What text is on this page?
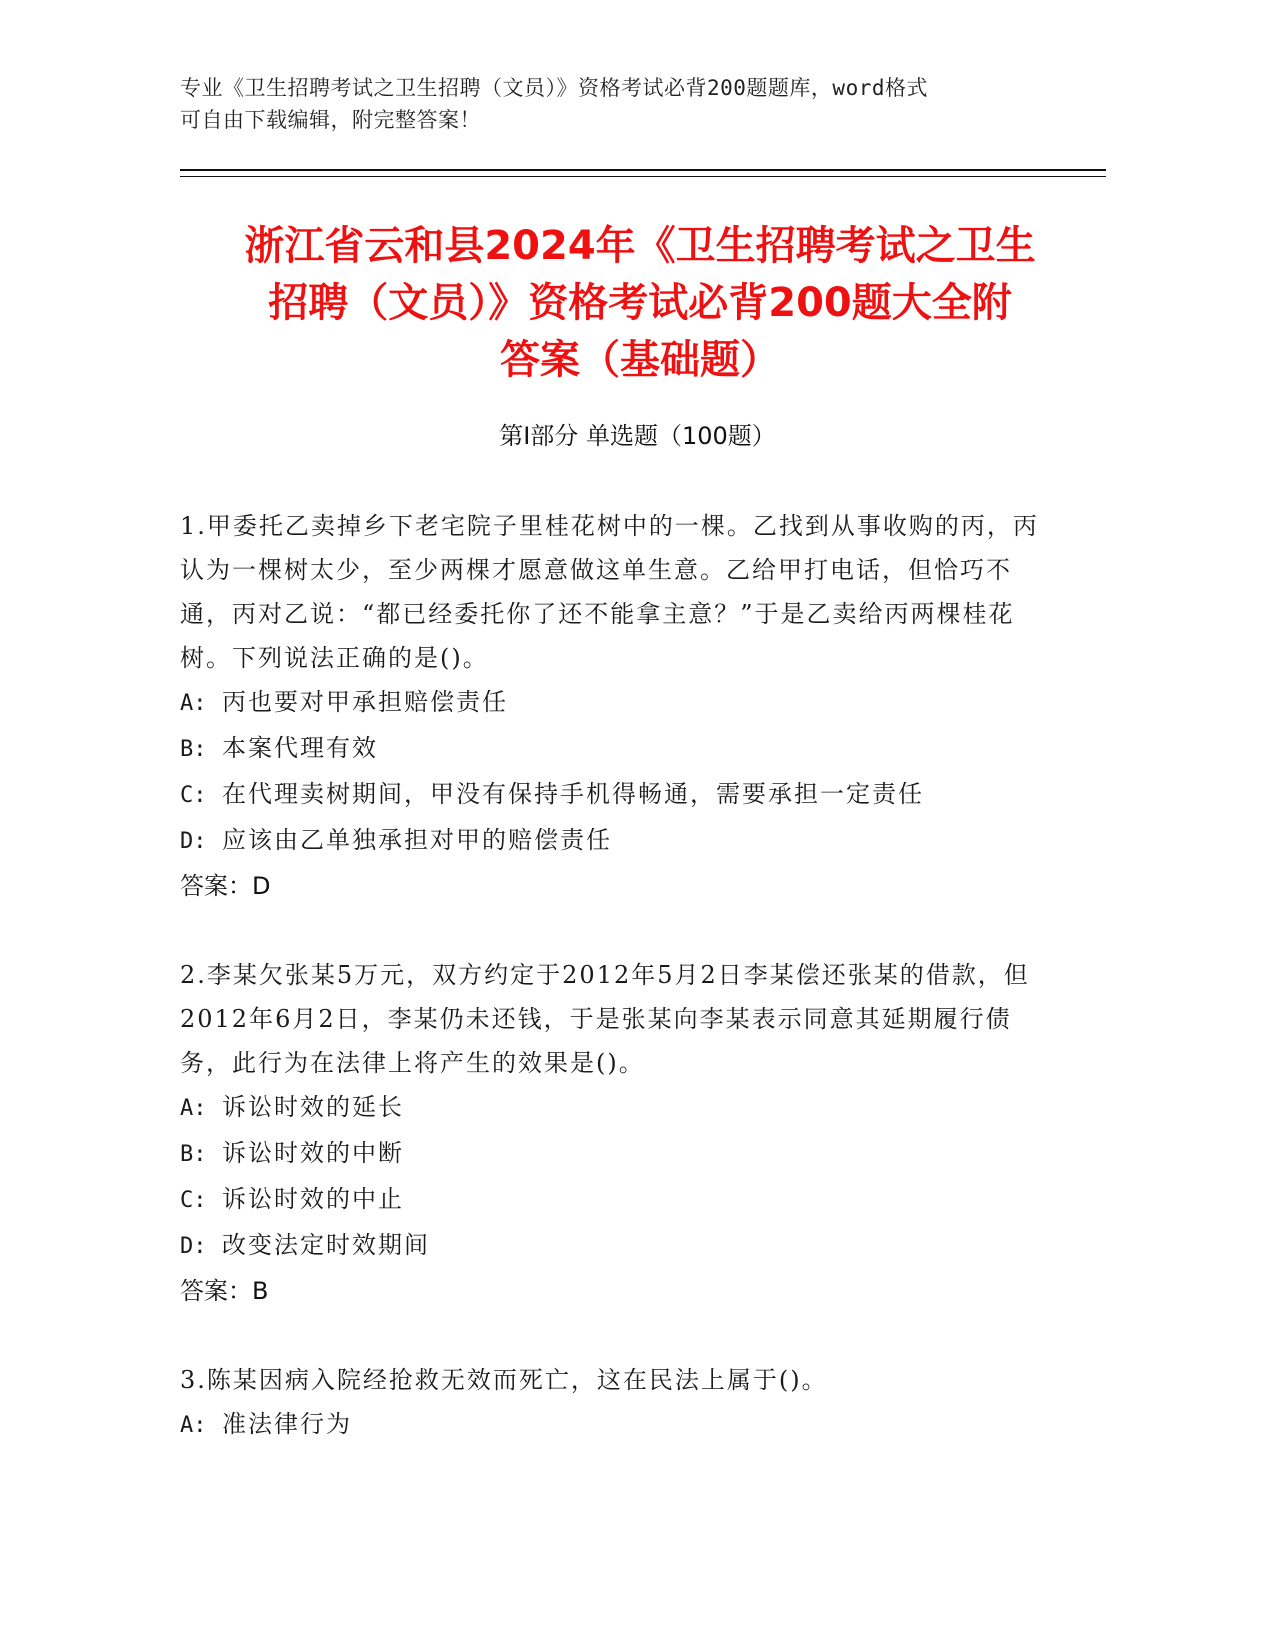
专业《卫生招聘考试之卫生招聘（文员）》资格考试必背200题题库，word格式
可自由下载编辑，附完整答案！
浙江省云和县2024年《卫生招聘考试之卫生
招聘（文员）》资格考试必背200题大全附
答案（基础题）
第Ⅰ部分 单选题（100题）
1.甲委托乙卖掉乡下老宅院子里桂花树中的一棵。乙找到从事收购的丙，丙认为一棵树太少，至少两棵才愿意做这单生意。乙给甲打电话，但恰巧不通，丙对乙说：“都已经委托你了还不能拿主意？”于是乙卖给丙两棵桂花树。下列说法正确的是()。
A: 丙也要对甲承担赔偿责任
B: 本案代理有效
C: 在代理卖树期间，甲没有保持手机得畅通，需要承担一定责任
D: 应该由乙单独承担对甲的赔偿责任
答案：D
2.李某欠张某5万元，双方约定于2012年5月2日李某偿还张某的借款，但2012年6月2日，李某仍未还钱，于是张某向李某表示同意其延期履行债务，此行为在法律上将产生的效果是()。
A: 诉讼时效的延长
B: 诉讼时效的中断
C: 诉讼时效的中止
D: 改变法定时效期间
答案：B
3.陈某因病入院经抢救无效而死亡，这在民法上属于()。
A: 准法律行为
